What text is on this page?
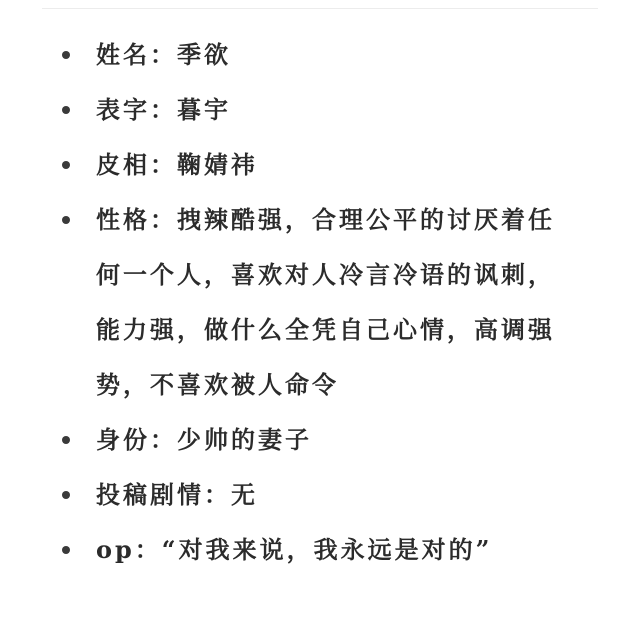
姓名：季欲
表字：暮宇
皮相：鞠婧祎
性格：拽辣酷强，合理公平的讨厌着任何一个人，喜欢对人冷言冷语的讽刺，能力强，做什么全凭自己心情，高调强势，不喜欢被人命令
身份：少帅的妻子
投稿剧情：无
op：“对我来说，我永远是对的”
